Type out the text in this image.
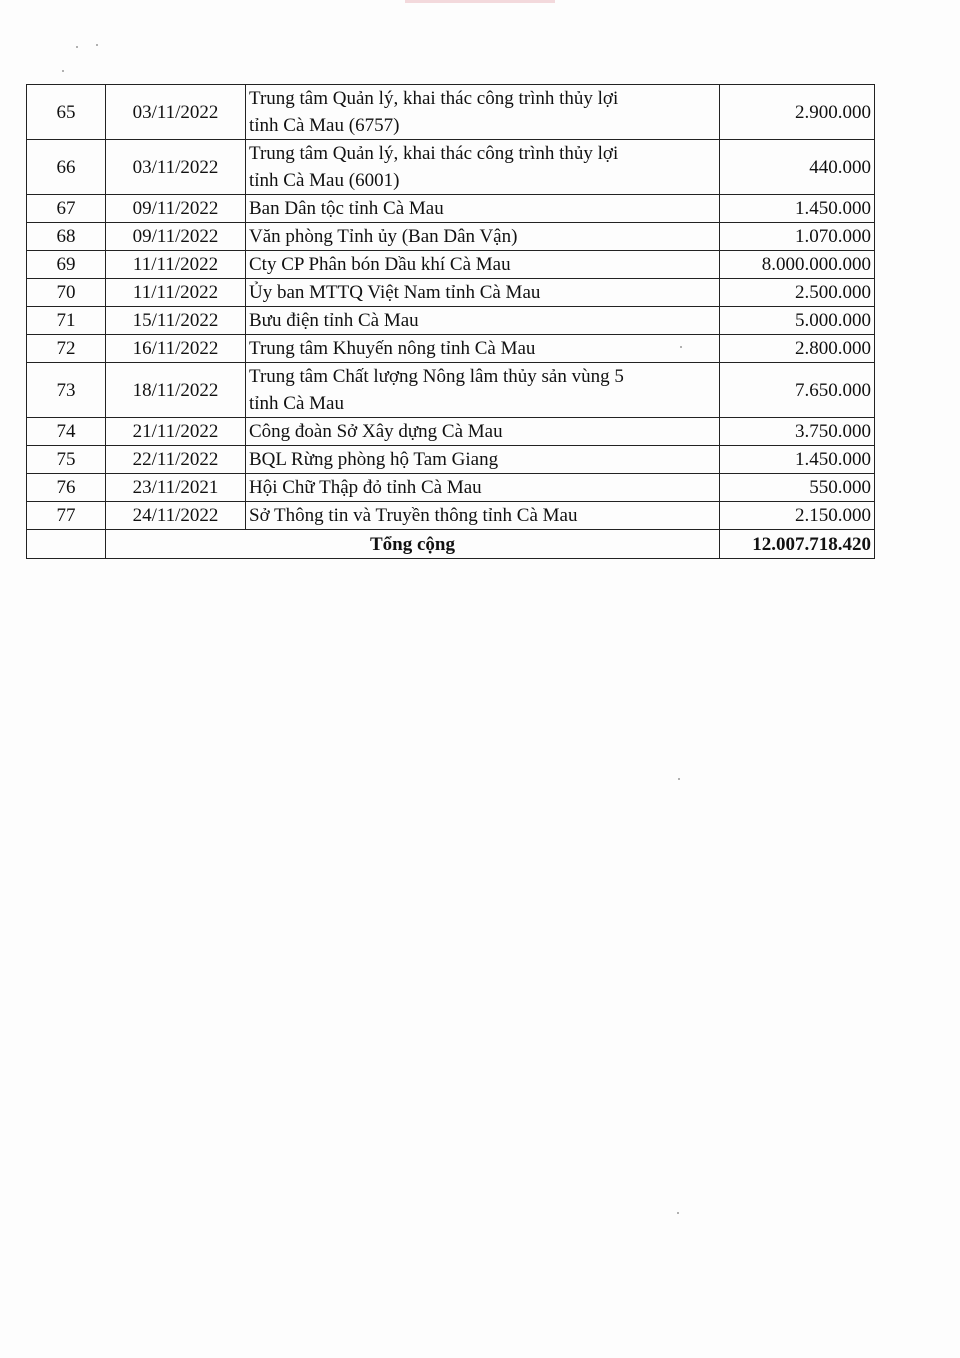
65	03/11/2022	Trung tâm Quản lý, khai thác công trình thủy lợi
tỉnh Cà Mau (6757)	2.900.000
66	03/11/2022	Trung tâm Quản lý, khai thác công trình thủy lợi
tỉnh Cà Mau (6001)	440.000
67	09/11/2022	Ban Dân tộc tỉnh Cà Mau	1.450.000
68	09/11/2022	Văn phòng Tỉnh ủy (Ban Dân Vận)	1.070.000
69	11/11/2022	Cty CP Phân bón Dầu khí Cà Mau	8.000.000.000
70	11/11/2022	Ủy ban MTTQ Việt Nam tỉnh Cà Mau	2.500.000
71	15/11/2022	Bưu điện tỉnh Cà Mau	5.000.000
72	16/11/2022	Trung tâm Khuyến nông tỉnh Cà Mau	2.800.000
73	18/11/2022	Trung tâm Chất lượng Nông lâm thủy sản vùng 5
tỉnh Cà Mau	7.650.000
74	21/11/2022	Công đoàn Sở Xây dựng Cà Mau	3.750.000
75	22/11/2022	BQL Rừng phòng hộ Tam Giang	1.450.000
76	23/11/2021	Hội Chữ Thập đỏ tỉnh Cà Mau	550.000
77	24/11/2022	Sở Thông tin và Truyền thông tỉnh Cà Mau	2.150.000
	Tổng cộng		12.007.718.420
